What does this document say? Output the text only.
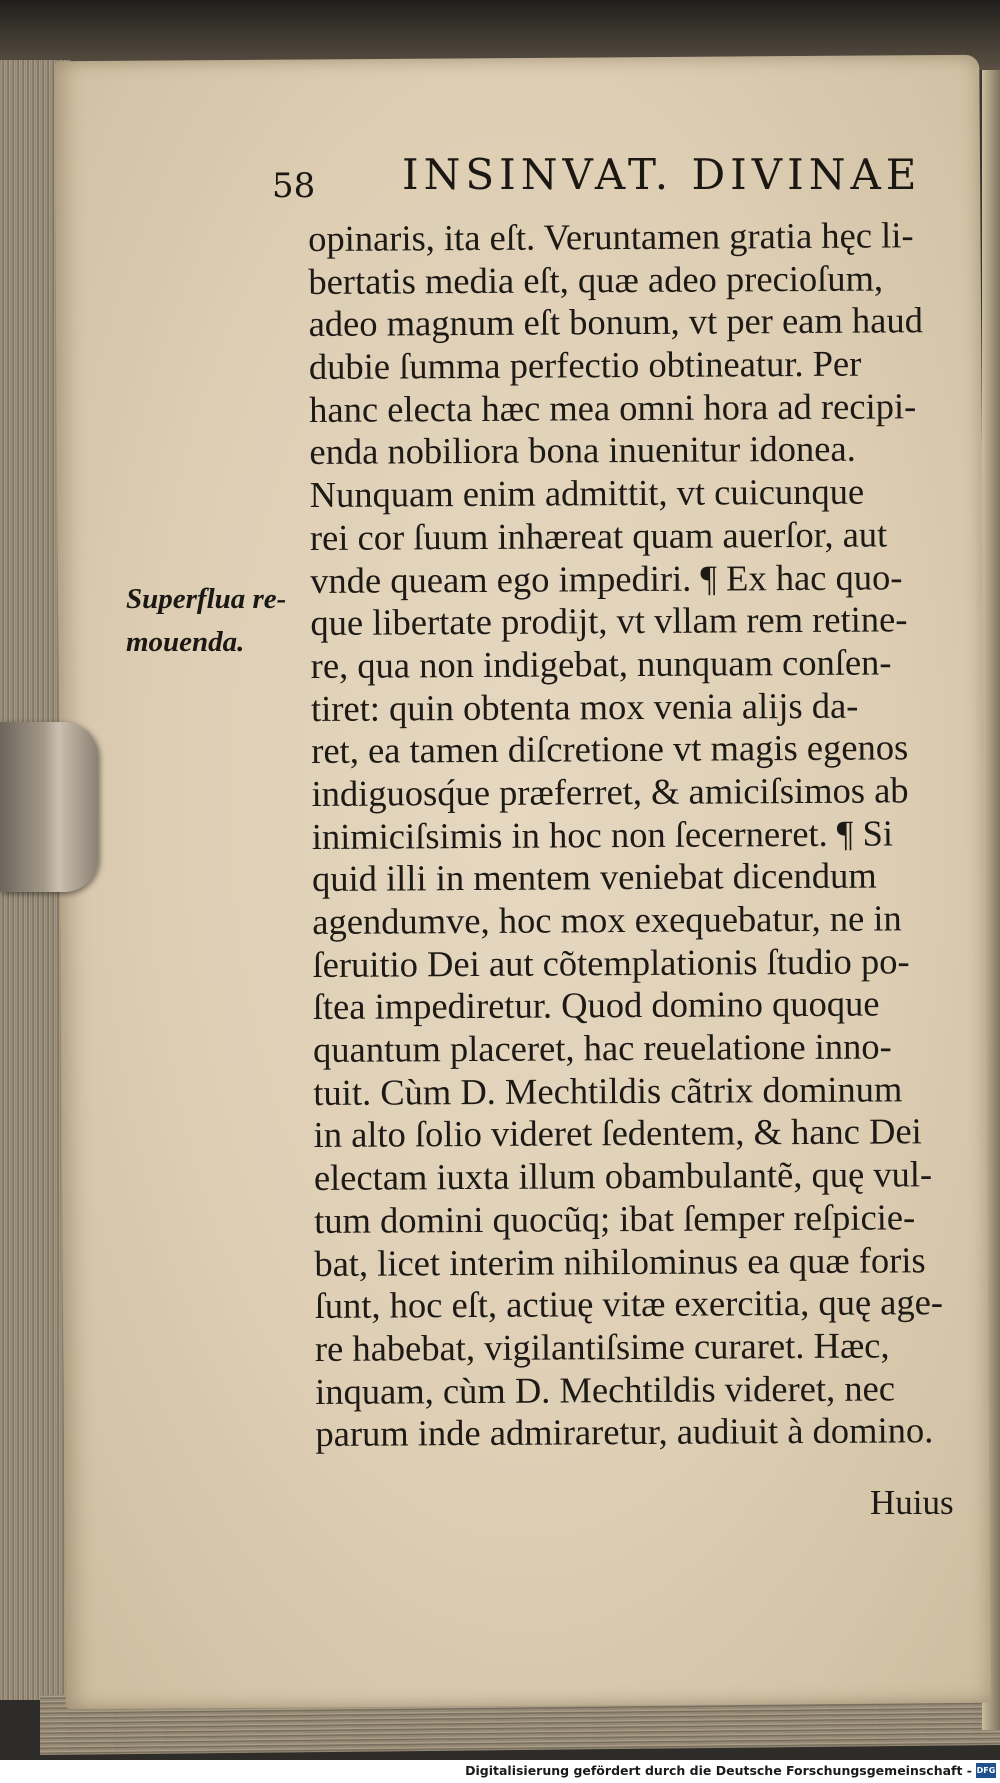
58 INSINVAT. DIVINAE
Superflua re-
mouenda.
opinaris, ita eſt. Veruntamen gratia hęc li-
bertatis media eſt, quæ adeo precioſum,
adeo magnum eſt bonum, vt per eam haud
dubie ſumma perfectio obtineatur. Per
hanc electa hæc mea omni hora ad recipi-
enda nobiliora bona inuenitur idonea.
Nunquam enim admittit, vt cuicunque
rei cor ſuum inhæreat quam auerſor, aut
vnde queam ego impediri. ¶ Ex hac quo-
que libertate prodijt, vt vllam rem retine-
re, qua non indigebat, nunquam conſen-
tiret: quin obtenta mox venia alijs da-
ret, ea tamen diſcretione vt magis egenos
indiguosq́ue præferret, & amiciſsimos ab
inimiciſsimis in hoc non ſecerneret. ¶ Si
quid illi in mentem veniebat dicendum
agendumve, hoc mox exequebatur, ne in
ſeruitio Dei aut cõtemplationis ſtudio po-
ſtea impediretur. Quod domino quoque
quantum placeret, hac reuelatione inno-
tuit. Cùm D. Mechtildis cãtrix dominum
in alto ſolio videret ſedentem, & hanc Dei
electam iuxta illum obambulantẽ, quę vul-
tum domini quocũq; ibat ſemper reſpicie-
bat, licet interim nihilominus ea quæ foris
ſunt, hoc eſt, actiuę vitæ exercitia, quę age-
re habebat, vigilantiſsime curaret. Hæc,
inquam, cùm D. Mechtildis videret, nec
parum inde admiraretur, audiuit à domino.
Huius
Digitalisierung gefördert durch die Deutsche Forschungsgemeinschaft - DFG
